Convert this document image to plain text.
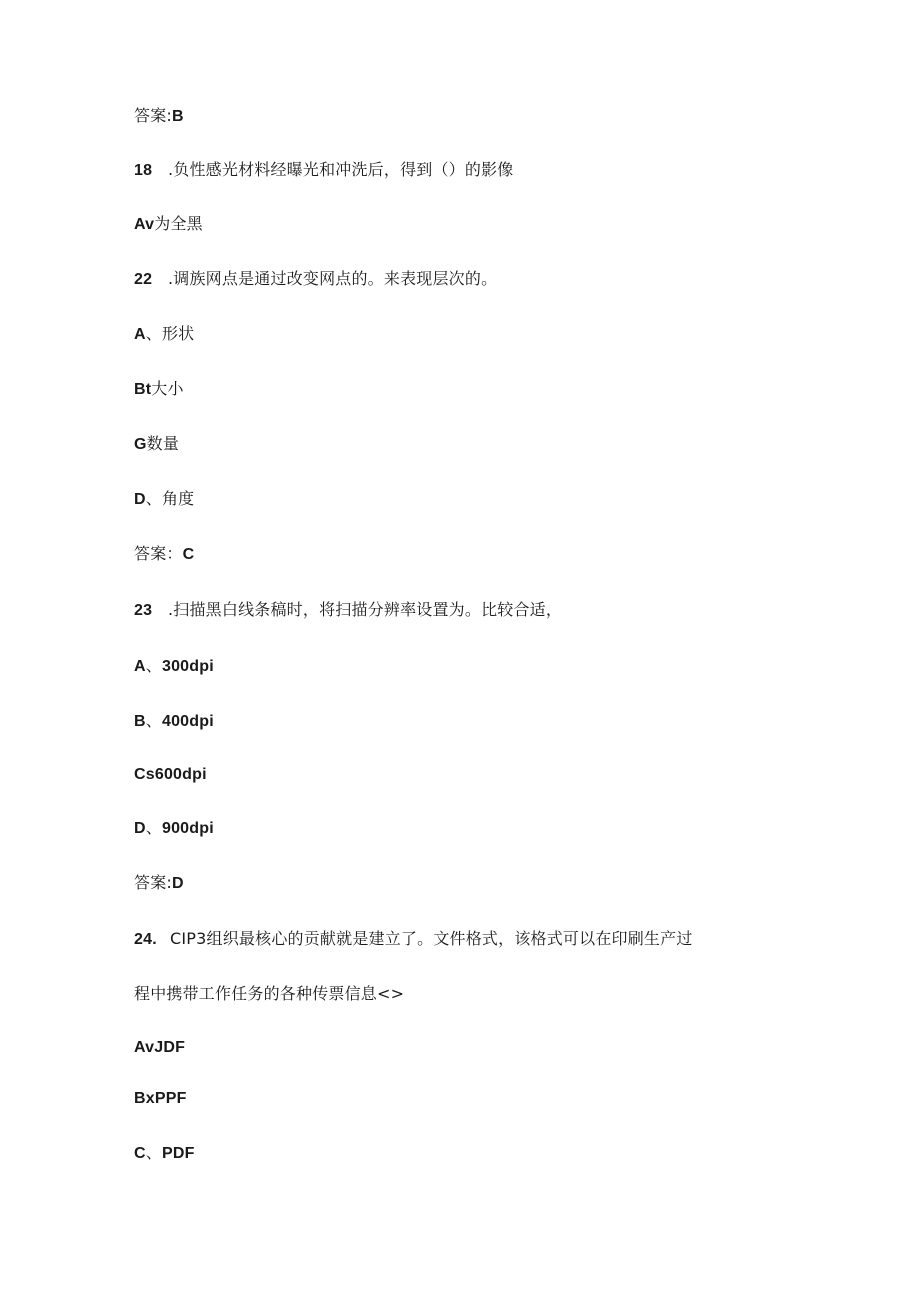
答案:B
18 .负性感光材料经曝光和冲洗后，得到（）的影像
Av为全黑
22 .调族网点是通过改变网点的。来表现层次的。
A、形状
Bt大小
G数量
D、角度
答案：C
23 .扫描黑白线条稿时，将扫描分辨率设置为。比较合适，
A、300dpi
B、400dpi
Cs600dpi
D、900dpi
答案:D
24. CIP3组织最核心的贡献就是建立了。文件格式，该格式可以在印刷生产过
程中携带工作任务的各种传票信息<>
AvJDF
BxPPF
C、PDF
